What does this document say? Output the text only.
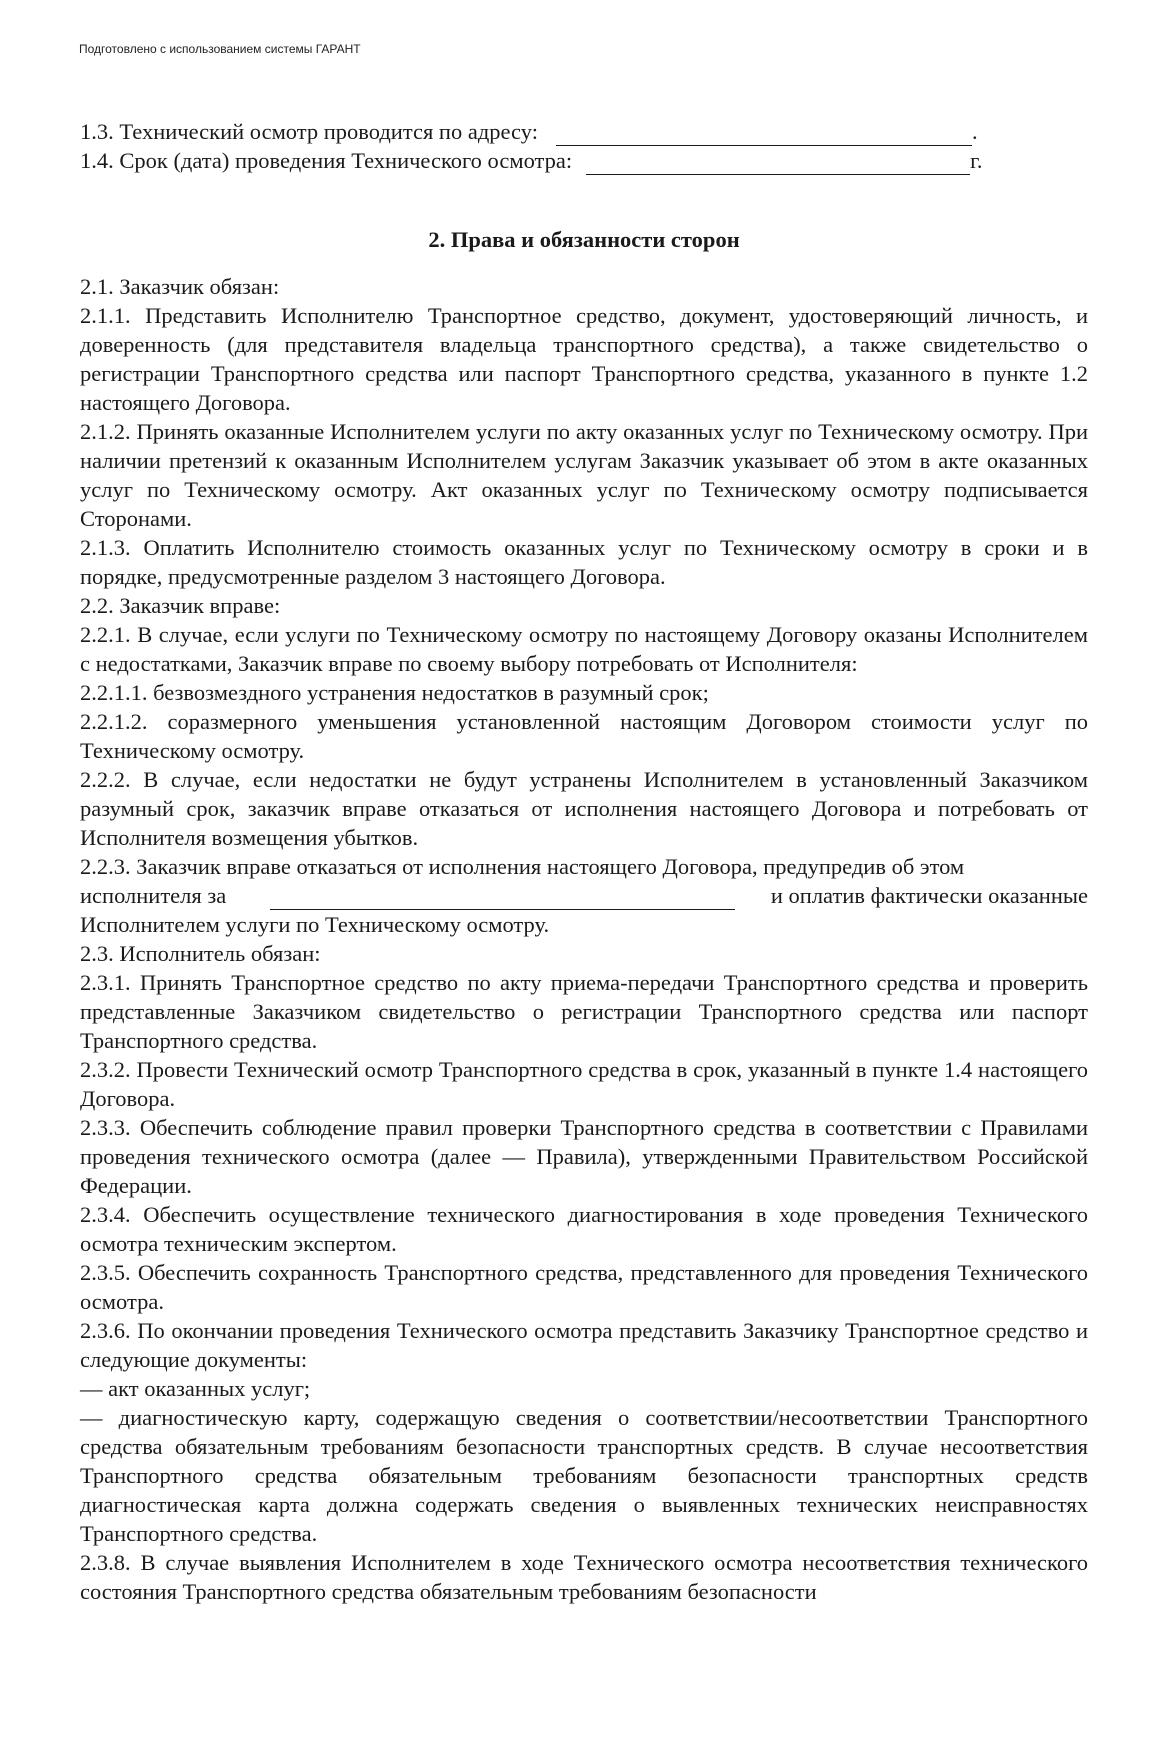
Подготовлено с использованием системы ГАРАНТ
1.3. Технический осмотр проводится по адресу:	.
1.4. Срок (дата) проведения Технического осмотра:	г.
2. Права и обязанности сторон

2.1. Заказчик обязан:

2.1.1. Представить Исполнителю Транспортное средство, документ, удостоверяющий личность, и доверенность (для представителя владельца транспортного средства), а также свидетельство о регистрации Транспортного средства или паспорт Транспортного средства, указанного в пункте 1.2 настоящего Договора.

2.1.2. Принять оказанные Исполнителем услуги по акту оказанных услуг по Техническому осмотру. При наличии претензий к оказанным Исполнителем услугам Заказчик указывает об этом в акте оказанных услуг по Техническому осмотру. Акт оказанных услуг по Техническому осмотру подписывается Сторонами.

2.1.3. Оплатить Исполнителю стоимость оказанных услуг по Техническому осмотру в сроки и в порядке, предусмотренные разделом 3 настоящего Договора.

2.2. Заказчик вправе:

2.2.1. В случае, если услуги по Техническому осмотру по настоящему Договору оказаны Исполнителем с недостатками, Заказчик вправе по своему выбору потребовать от Исполнителя:

2.2.1.1. безвозмездного устранения недостатков в разумный срок;

2.2.1.2. соразмерного уменьшения установленной настоящим Договором стоимости услуг по Техническому осмотру.

2.2.2. В случае, если недостатки не будут устранены Исполнителем в установленный Заказчиком разумный срок, заказчик вправе отказаться от исполнения настоящего Договора и потребовать от Исполнителя возмещения убытков.

2.2.3. Заказчик вправе отказаться от исполнения настоящего Договора, предупредив об этом

исполнителя за	и оплатив фактически оказанные

Исполнителем услуги по Техническому осмотру.

2.3. Исполнитель обязан:

2.3.1. Принять Транспортное средство по акту приема-передачи Транспортного средства и проверить представленные Заказчиком свидетельство о регистрации Транспортного средства или паспорт Транспортного средства.

2.3.2. Провести Технический осмотр Транспортного средства в срок, указанный в пункте 1.4 настоящего Договора.

2.3.3. Обеспечить соблюдение правил проверки Транспортного средства в соответствии с Правилами проведения технического осмотра (далее — Правила), утвержденными Правительством Российской Федерации.

2.3.4. Обеспечить осуществление технического диагностирования в ходе проведения Технического осмотра техническим экспертом.

2.3.5. Обеспечить сохранность Транспортного средства, представленного для проведения Технического осмотра.

2.3.6. По окончании проведения Технического осмотра представить Заказчику Транспортное средство и следующие документы:

— акт оказанных услуг;

— диагностическую карту, содержащую сведения о соответствии/несоответствии Транспортного средства обязательным требованиям безопасности транспортных средств. В случае несоответствия Транспортного средства обязательным требованиям безопасности транспортных средств диагностическая карта должна содержать сведения о выявленных технических неисправностях Транспортного средства.

2.3.8. В случае выявления Исполнителем в ходе Технического осмотра несоответствия технического состояния Транспортного средства обязательным требованиям безопасности
